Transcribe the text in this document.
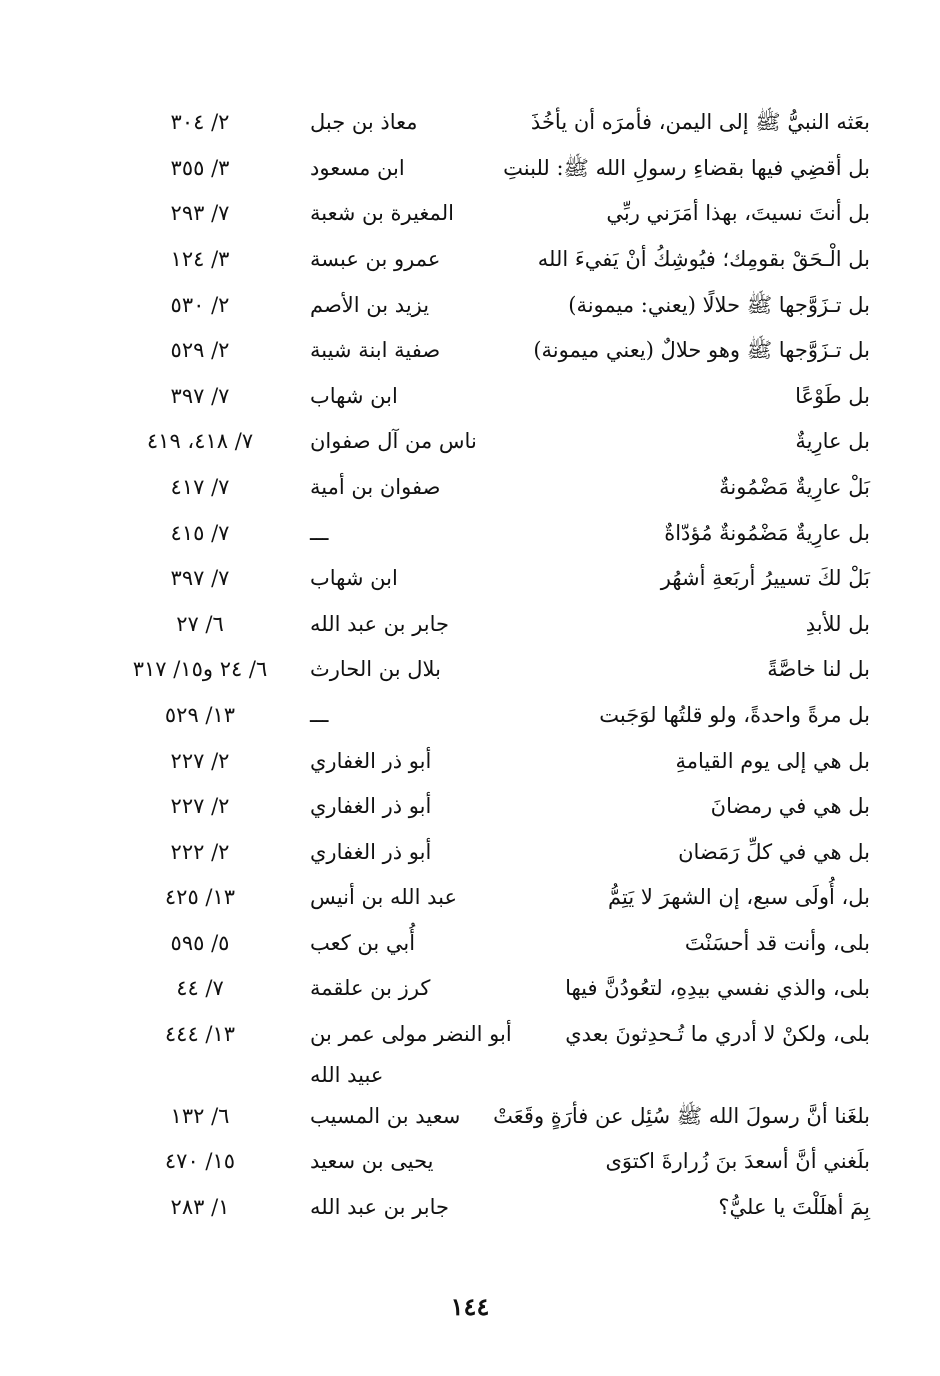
بعَثه النبيُّ ﷺ إلى اليمن، فأمرَه أن يأخُذَ
معاذ بن جبل
٢/ ٣٠٤
بل أقضِي فيها بقضاءِ رسولِ الله ﷺ: للبنتِ
ابن مسعود
٣/ ٣٥٥
بل أنتَ نسيتَ، بهذا أمَرَني ربِّي
المغيرة بن شعبة
٧/ ٢٩٣
بل الْـحَقْ بقومِك؛ فيُوشِكُ أنْ يَفيءَ الله
عمرو بن عبسة
٣/ ١٢٤
بل تـزَوَّجها ﷺ حلالًا (يعني: ميمونة)
يزيد بن الأصم
٢/ ٥٣٠
بل تـزَوَّجها ﷺ وهو حلالٌ (يعني ميمونة)
صفية ابنة شيبة
٢/ ٥٢٩
بل طَوْعًا
ابن شهاب
٧/ ٣٩٧
بل عارِيةٌ
ناس من آل صفوان
٧/ ٤١٨، ٤١٩
بَلْ عارِيةٌ مَضْمُونةٌ
صفوان بن أمية
٧/ ٤١٧
بل عارِيةٌ مَضْمُونةٌ مُؤدّاةٌ
ـــ
٧/ ٤١٥
بَلْ لكَ تسييرُ أربَعةِ أشهُر
ابن شهاب
٧/ ٣٩٧
بل للأبدِ
جابر بن عبد الله
٦/ ٢٧
بل لنا خاصَّةً
بلال بن الحارث
٦/ ٢٤ و١٥/ ٣١٧
بل مرةً واحدةً، ولو قلتُها لوَجَبت
ـــ
١٣/ ٥٢٩
بل هي إلى يوم القيامةِ
أبو ذر الغفاري
٢/ ٢٢٧
بل هي في رمضانَ
أبو ذر الغفاري
٢/ ٢٢٧
بل هي في كلِّ رَمَضان
أبو ذر الغفاري
٢/ ٢٢٢
بل، أُولَى سبع، إن الشهرَ لا يَتِمُّ
عبد الله بن أنيس
١٣/ ٤٢٥
بلى، وأنت قد أحسَنْتَ
أُبي بن كعب
٥/ ٥٩٥
بلى، والذي نفسي بيدِهِ، لتعُودُنَّ فيها
كرز بن علقمة
٧/ ٤٤
بلى، ولكنْ لا أدري ما تُـحدِثونَ بعدي
أبو النضر مولى عمر بن
١٣/ ٤٤٤
عبيد الله
بلغَنا أنَّ رسولَ الله ﷺ سُئِل عن فأرَةٍ وقَعَتْ
سعيد بن المسيب
٦/ ١٣٢
بلَغني أنَّ أسعدَ بنَ زُرارةَ اكتوَى
يحيى بن سعيد
١٥/ ٤٧٠
بِمَ أهلَلْتَ يا عليُّ؟
جابر بن عبد الله
١/ ٢٨٣
١٤٤
